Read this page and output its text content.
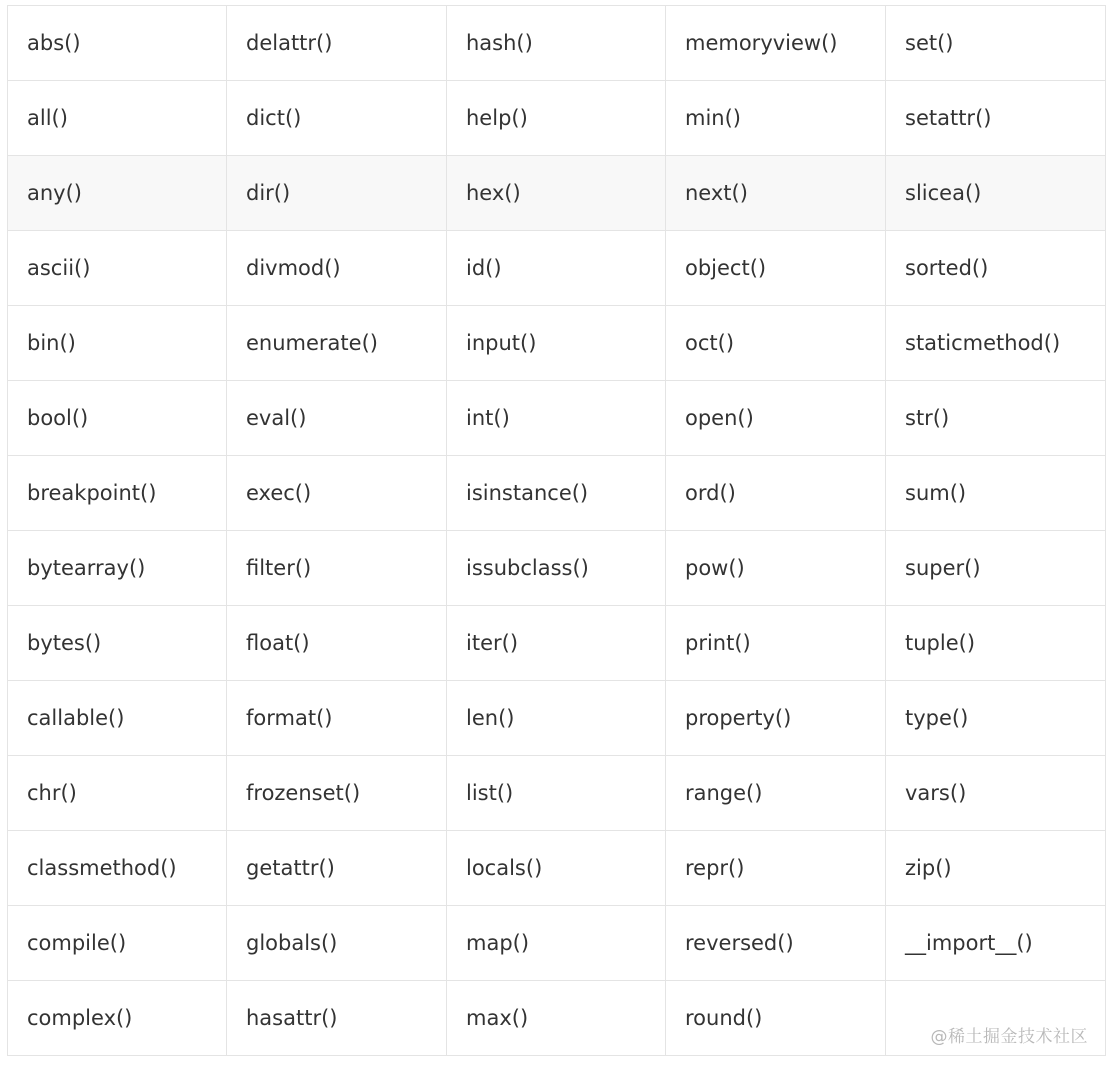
abs()	delattr()	hash()	memoryview()	set()
all()	dict()	help()	min()	setattr()
any()	dir()	hex()	next()	slicea()
ascii()	divmod()	id()	object()	sorted()
bin()	enumerate()	input()	oct()	staticmethod()
bool()	eval()	int()	open()	str()
breakpoint()	exec()	isinstance()	ord()	sum()
bytearray()	filter()	issubclass()	pow()	super()
bytes()	float()	iter()	print()	tuple()
callable()	format()	len()	property()	type()
chr()	frozenset()	list()	range()	vars()
classmethod()	getattr()	locals()	repr()	zip()
compile()	globals()	map()	reversed()	__import__()
complex()	hasattr()	max()	round()	
@稀土掘金技术社区
